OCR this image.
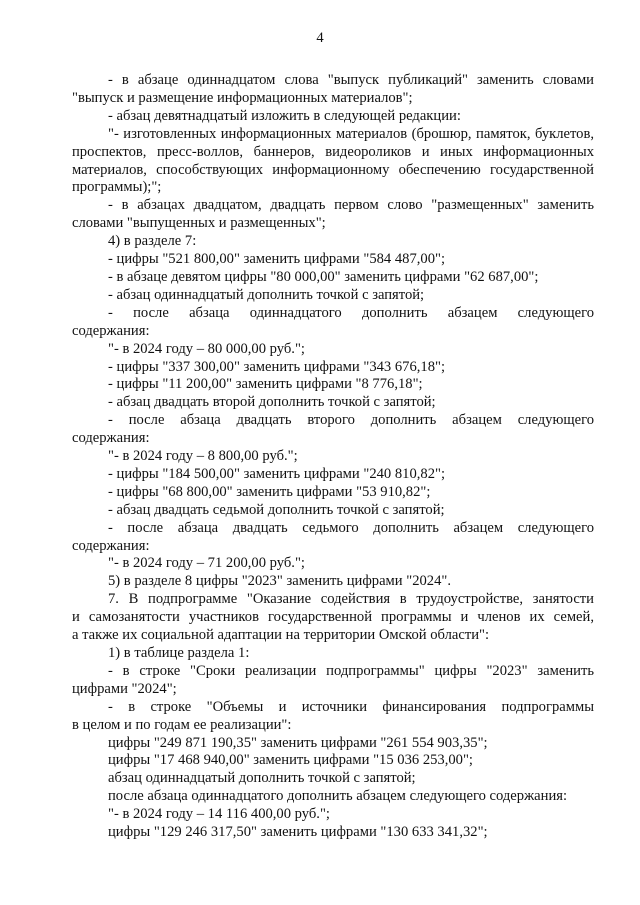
4
- в абзаце одиннадцатом слова "выпуск публикаций" заменить словами
"выпуск и размещение информационных материалов";
- абзац девятнадцатый изложить в следующей редакции:
"- изготовленных информационных материалов (брошюр, памяток, буклетов,
проспектов, пресс-воллов, баннеров, видеороликов и иных информационных
материалов, способствующих информационному обеспечению государственной
программы);";
- в абзацах двадцатом, двадцать первом слово "размещенных" заменить
словами "выпущенных и размещенных";
4) в разделе 7:
- цифры "521 800,00" заменить цифрами "584 487,00";
- в абзаце девятом цифры "80 000,00" заменить цифрами "62 687,00";
- абзац одиннадцатый дополнить точкой с запятой;
- после абзаца одиннадцатого дополнить абзацем следующего
содержания:
"- в 2024 году – 80 000,00 руб.";
- цифры "337 300,00" заменить цифрами "343 676,18";
- цифры "11 200,00" заменить цифрами "8 776,18";
- абзац двадцать второй дополнить точкой с запятой;
- после абзаца двадцать второго дополнить абзацем следующего
содержания:
"- в 2024 году – 8 800,00 руб.";
- цифры "184 500,00" заменить цифрами "240 810,82";
- цифры "68 800,00" заменить цифрами "53 910,82";
- абзац двадцать седьмой дополнить точкой с запятой;
- после абзаца двадцать седьмого дополнить абзацем следующего
содержания:
"- в 2024 году – 71 200,00 руб.";
5) в разделе 8 цифры "2023" заменить цифрами "2024".
7. В подпрограмме "Оказание содействия в трудоустройстве, занятости
и самозанятости участников государственной программы и членов их семей,
а также их социальной адаптации на территории Омской области":
1) в таблице раздела 1:
- в строке "Сроки реализации подпрограммы" цифры "2023" заменить
цифрами "2024";
- в строке "Объемы и источники финансирования подпрограммы
в целом и по годам ее реализации":
цифры "249 871 190,35" заменить цифрами "261 554 903,35";
цифры "17 468 940,00" заменить цифрами "15 036 253,00";
абзац одиннадцатый дополнить точкой с запятой;
после абзаца одиннадцатого дополнить абзацем следующего содержания:
"- в 2024 году – 14 116 400,00 руб.";
цифры "129 246 317,50" заменить цифрами "130 633 341,32";
